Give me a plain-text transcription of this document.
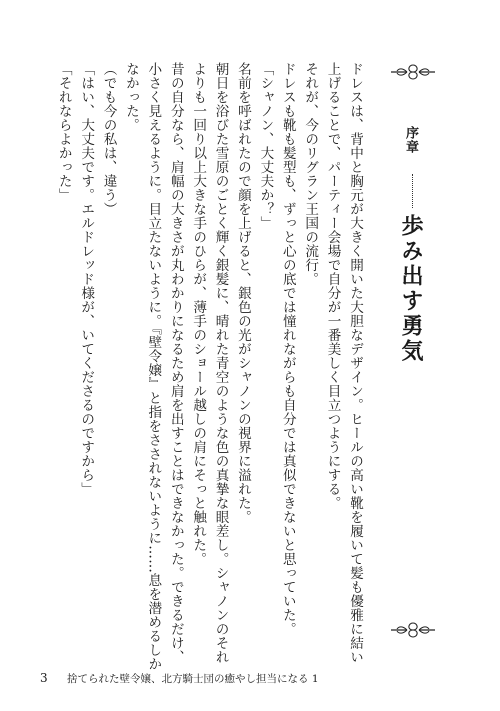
序章
歩み出す勇気
ドレスは、背中と胸元が大きく開いた大胆なデザイン。ヒールの高い靴を履いて髪も優雅に結い
上げることで、パーティー会場で自分が一番美しく目立つようにする。
それが、今のリグラン王国の流行。
ドレスも靴も髪型も、ずっと心の底では憧れながらも自分では真似できないと思っていた。
「シャノン、大丈夫か？」
名前を呼ばれたので顔を上げると、銀色の光がシャノンの視界に溢れた。
朝日を浴びた雪原のごとく輝く銀髪に、晴れた青空のような色の真摯な眼差し。シャノンのそれ
よりも一回り以上大きな手のひらが、薄手のショール越しの肩にそっと触れた。
昔の自分なら、肩幅の大きさが丸わかりになるため肩を出すことはできなかった。できるだけ、
小さく見えるように。目立たないように。『壁令嬢』と指をさされないように……息を潜めるしか
なかった。
（でも今の私は、違う）
「はい、大丈夫です。エルドレッド様が、いてくださるのですから」
「それならよかった」
3 捨てられた壁令嬢、北方騎士団の癒やし担当になる 1
